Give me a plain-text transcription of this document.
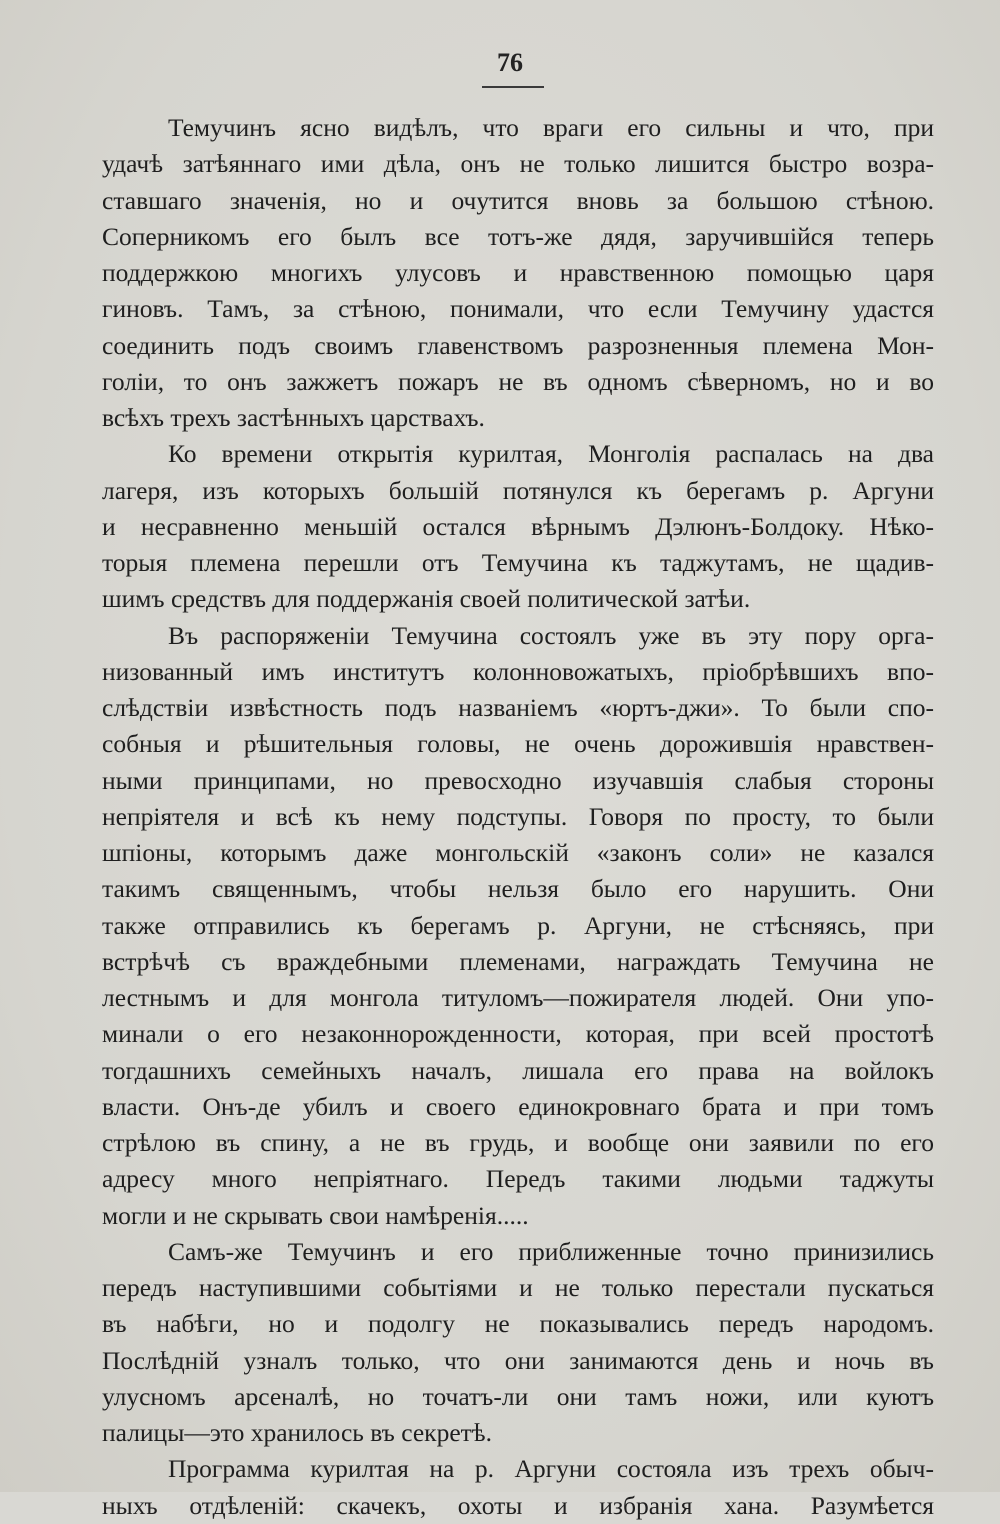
76
Темучинъ ясно видѣлъ, что враги его сильны и что, при
удачѣ затѣяннаго ими дѣла, онъ не только лишится быстро возра-
ставшаго значенія, но и очутится вновь за большою стѣною.
Соперникомъ его былъ все тотъ-же дядя, заручившійся теперь
поддержкою многихъ улусовъ и нравственною помощью царя
гиновъ. Тамъ, за стѣною, понимали, что если Темучину удастся
соединить подъ своимъ главенствомъ разрозненныя племена Мон-
голіи, то онъ зажжетъ пожаръ не въ одномъ сѣверномъ, но и во
всѣхъ трехъ застѣнныхъ царствахъ.
Ко времени открытія курилтая, Монголія распалась на два
лагеря, изъ которыхъ большій потянулся къ берегамъ р. Аргуни
и несравненно меньшій остался вѣрнымъ Дэлюнъ-Болдоку. Нѣко-
торыя племена перешли отъ Темучина къ таджутамъ, не щадив-
шимъ средствъ для поддержанія своей политической затѣи.
Въ распоряженіи Темучина состоялъ уже въ эту пору орга-
низованный имъ институтъ колонновожатыхъ, пріобрѣвшихъ впо-
слѣдствіи извѣстность подъ названіемъ «юртъ-джи». То были спо-
собныя и рѣшительныя головы, не очень дорожившія нравствен-
ными принципами, но превосходно изучавшія слабыя стороны
непріятеля и всѣ къ нему подступы. Говоря по просту, то были
шпіоны, которымъ даже монгольскій «законъ соли» не казался
такимъ священнымъ, чтобы нельзя было его нарушить. Они
также отправились къ берегамъ р. Аргуни, не стѣсняясь, при
встрѣчѣ съ враждебными племенами, награждать Темучина не
лестнымъ и для монгола титуломъ—пожирателя людей. Они упо-
минали о его незаконнорожденности, которая, при всей простотѣ
тогдашнихъ семейныхъ началъ, лишала его права на войлокъ
власти. Онъ-де убилъ и своего единокровнаго брата и при томъ
стрѣлою въ спину, а не въ грудь, и вообще они заявили по его
адресу много непріятнаго. Передъ такими людьми таджуты
могли и не скрывать свои намѣренія.....
Самъ-же Темучинъ и его приближенные точно принизились
передъ наступившими событіями и не только перестали пускаться
въ набѣги, но и подолгу не показывались передъ народомъ.
Послѣдній узналъ только, что они занимаются день и ночь въ
улусномъ арсеналѣ, но точатъ-ли они тамъ ножи, или куютъ
палицы—это хранилось въ секретѣ.
Программа курилтая на р. Аргуни состояла изъ трехъ обыч-
ныхъ отдѣленій: скачекъ, охоты и избранія хана. Разумѣется
